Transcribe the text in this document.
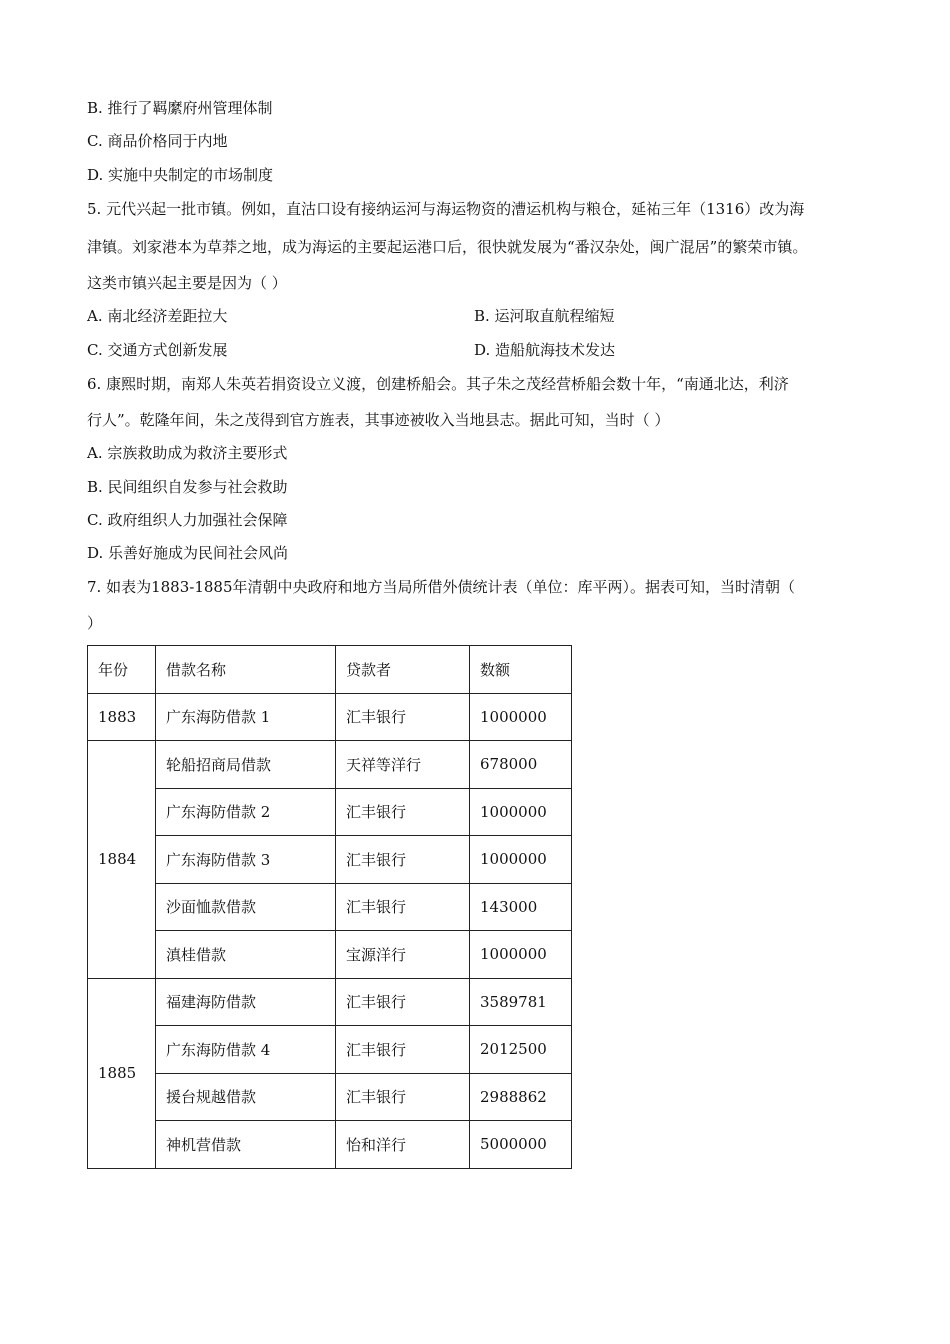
B. 推行了羁縻府州管理体制
C. 商品价格同于内地
D. 实施中央制定的市场制度
5. 元代兴起一批市镇。例如，直沽口设有接纳运河与海运物资的漕运机构与粮仓，延祐三年（1316）改为海
津镇。刘家港本为草莽之地，成为海运的主要起运港口后，很快就发展为“番汉杂处，闽广混居”的繁荣市镇。
这类市镇兴起主要是因为（ ）
A. 南北经济差距拉大	B. 运河取直航程缩短
C. 交通方式创新发展	D. 造船航海技术发达
6. 康熙时期，南郑人朱英若捐资设立义渡，创建桥船会。其子朱之茂经营桥船会数十年，“南通北达，利济
行人”。乾隆年间，朱之茂得到官方旌表，其事迹被收入当地县志。据此可知，当时（ ）
A. 宗族救助成为救济主要形式
B. 民间组织自发参与社会救助
C. 政府组织人力加强社会保障
D. 乐善好施成为民间社会风尚
7. 如表为1883-1885年清朝中央政府和地方当局所借外债统计表（单位：库平两）。据表可知，当时清朝（
）
年份	借款名称	贷款者	数额
1883	广东海防借款 1	汇丰银行	1000000
1884	轮船招商局借款	天祥等洋行	678000
	广东海防借款 2	汇丰银行	1000000
	广东海防借款 3	汇丰银行	1000000
	沙面恤款借款	汇丰银行	143000
	滇桂借款	宝源洋行	1000000
1885	福建海防借款	汇丰银行	3589781
	广东海防借款 4	汇丰银行	2012500
	援台规越借款	汇丰银行	2988862
	神机营借款	怡和洋行	5000000
